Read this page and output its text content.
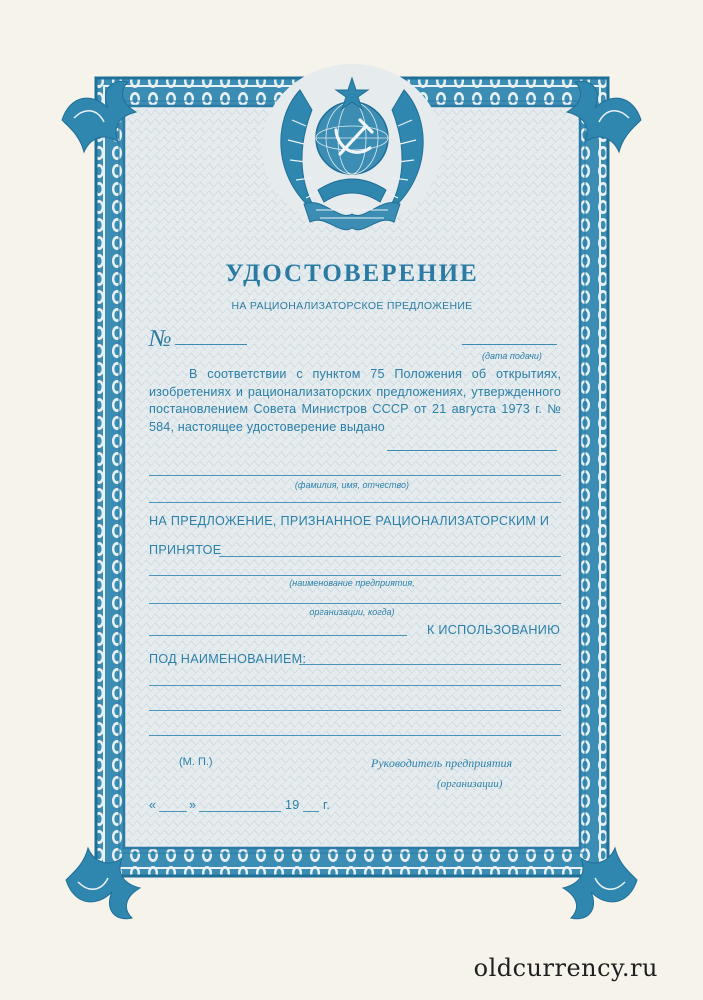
УДОСТОВЕРЕНИЕ
НА РАЦИОНАЛИЗАТОРСКОЕ ПРЕДЛОЖЕНИЕ
№
(дата подачи)
В соответствии с пунктом 75 Положения об открытиях, изобретениях и рационализаторских предложениях, утвержденного постановлением Совета Министров СССР от 21 августа 1973 г. № 584, настоящее удостоверение выдано
(фамилия, имя, отчество)
НА ПРЕДЛОЖЕНИЕ, ПРИЗНАННОЕ РАЦИОНАЛИЗАТОРСКИМ И
ПРИНЯТОЕ
(наименование предприятия,
организации, когда)
К ИСПОЛЬЗОВАНИЮ
ПОД НАИМЕНОВАНИЕМ:
(М. П.)	Руководитель предприятия
(организации)
«	»	19 г.
oldcurrency.ru
